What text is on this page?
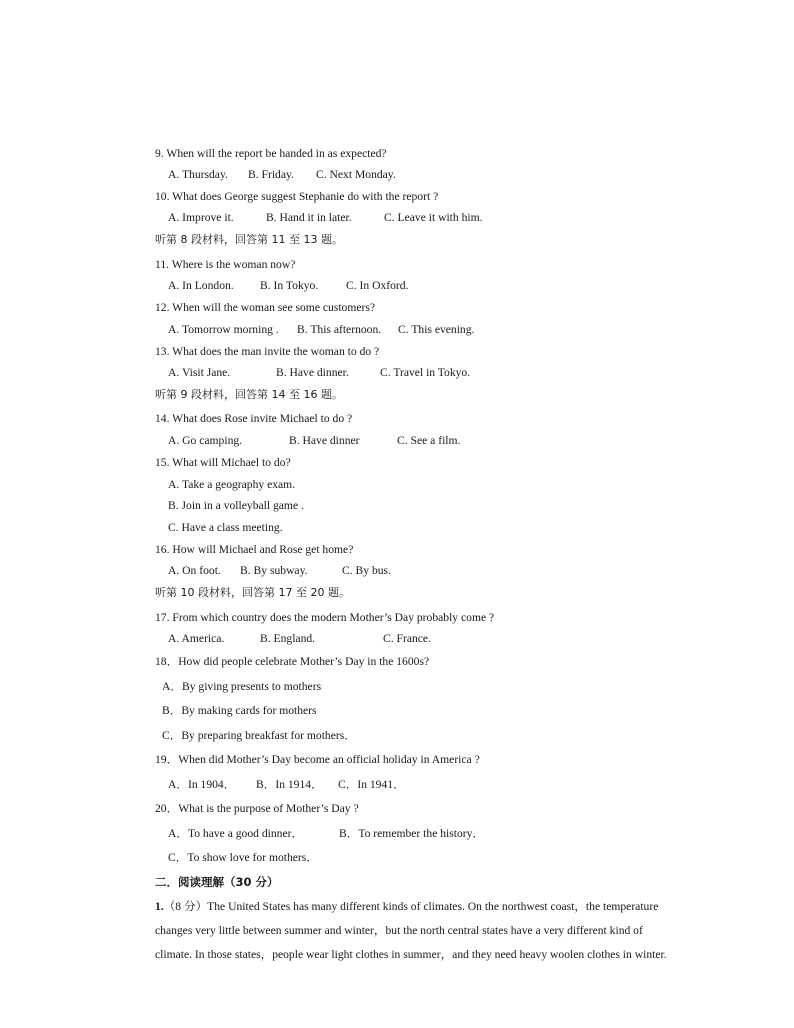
9. When will the report be handed in as expected?
A. Thursday. B. Friday. C. Next Monday.
10. What does George suggest Stephanie do with the report ?
A. Improve it.	B. Hand it in later.	C. Leave it with him.
听第 8 段材料，回答第 11 至 13 题。
11. Where is the woman now?
A. In London. B. In Tokyo. C. In Oxford.
12. When will the woman see some customers?
A. Tomorrow morning . B. This afternoon. C. This evening.
13. What does the man invite the woman to do ?
A. Visit Jane.	B. Have dinner.	C. Travel in Tokyo.
听第 9 段材料，回答第 14 至 16 题。
14. What does Rose invite Michael to do ?
A. Go camping.	B. Have dinner	C. See a film.
15. What will Michael to do?
A. Take a geography exam.
B. Join in a volleyball game .
C. Have a class meeting.
16. How will Michael and Rose get home?
A. On foot. B. By subway.	C. By bus.
听第 10 段材料，回答第 17 至 20 题。
17. From which country does the modern Mother’s Day probably come ?
A. America.	B. England.	C. France.
18．How did people celebrate Mother’s Day in the 1600s?
A．By giving presents to mothers
B．By making cards for mothers
C．By preparing breakfast for mothers．
19．When did Mother’s Day become an official holiday in America ?
A．In 1904． B．In 1914． C．In 1941．
20．What is the purpose of Mother’s Day ?
A．To have a good dinner．	B．To remember the history．
C．To show love for mothers．
二．阅读理解（30 分）
1.（8 分）The United States has many different kinds of climates. On the northwest coast，the temperature
changes very little between summer and winter，but the north central states have a very different kind of
climate. In those states，people wear light clothes in summer，and they need heavy woolen clothes in winter.
